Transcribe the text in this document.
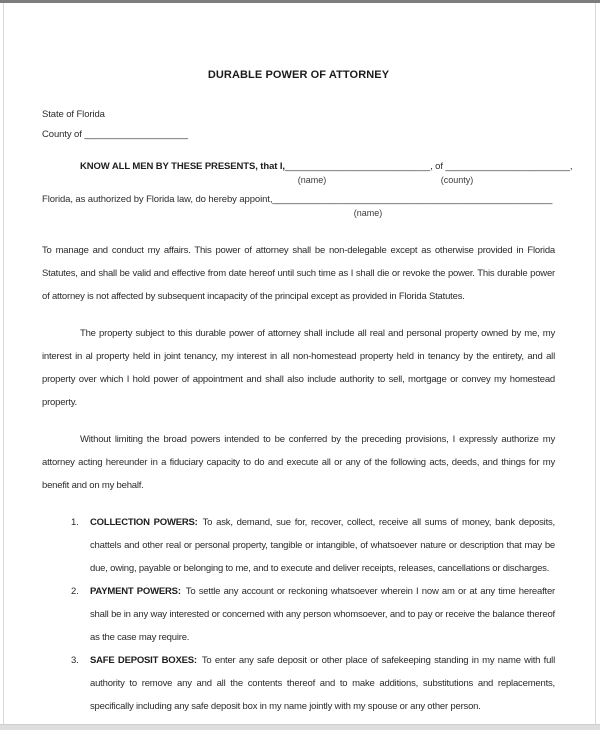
DURABLE POWER OF ATTORNEY
State of Florida
County of ____________________
KNOW ALL MEN BY THESE PRESENTS, that I,____________________________, of ________________________,
(name)	(county)
Florida, as authorized by Florida law, do hereby appoint,______________________________________________________
(name)

To manage and conduct my affairs. This power of attorney shall be non-delegable except as otherwise provided in Florida Statutes, and shall be valid and effective from date hereof until such time as I shall die or revoke the power. This durable power of attorney is not affected by subsequent incapacity of the principal except as provided in Florida Statutes.

The property subject to this durable power of attorney shall include all real and personal property owned by me, my interest in al property held in joint tenancy, my interest in all non-homestead property held in tenancy by the entirety, and all property over which I hold power of appointment and shall also include authority to sell, mortgage or convey my homestead property.

Without limiting the broad powers intended to be conferred by the preceding provisions, I expressly authorize my attorney acting hereunder in a fiduciary capacity to do and execute all or any of the following acts, deeds, and things for my benefit and on my behalf.

1.	COLLECTION POWERS: To ask, demand, sue for, recover, collect, receive all sums of money, bank deposits, chattels and other real or personal property, tangible or intangible, of whatsoever nature or description that may be due, owing, payable or belonging to me, and to execute and deliver receipts, releases, cancellations or discharges.
2.	PAYMENT POWERS: To settle any account or reckoning whatsoever wherein I now am or at any time hereafter shall be in any way interested or concerned with any person whomsoever, and to pay or receive the balance thereof as the case may require.
3.	SAFE DEPOSIT BOXES: To enter any safe deposit or other place of safekeeping standing in my name with full authority to remove any and all the contents thereof and to make additions, substitutions and replacements, specifically including any safe deposit box in my name jointly with my spouse or any other person.
